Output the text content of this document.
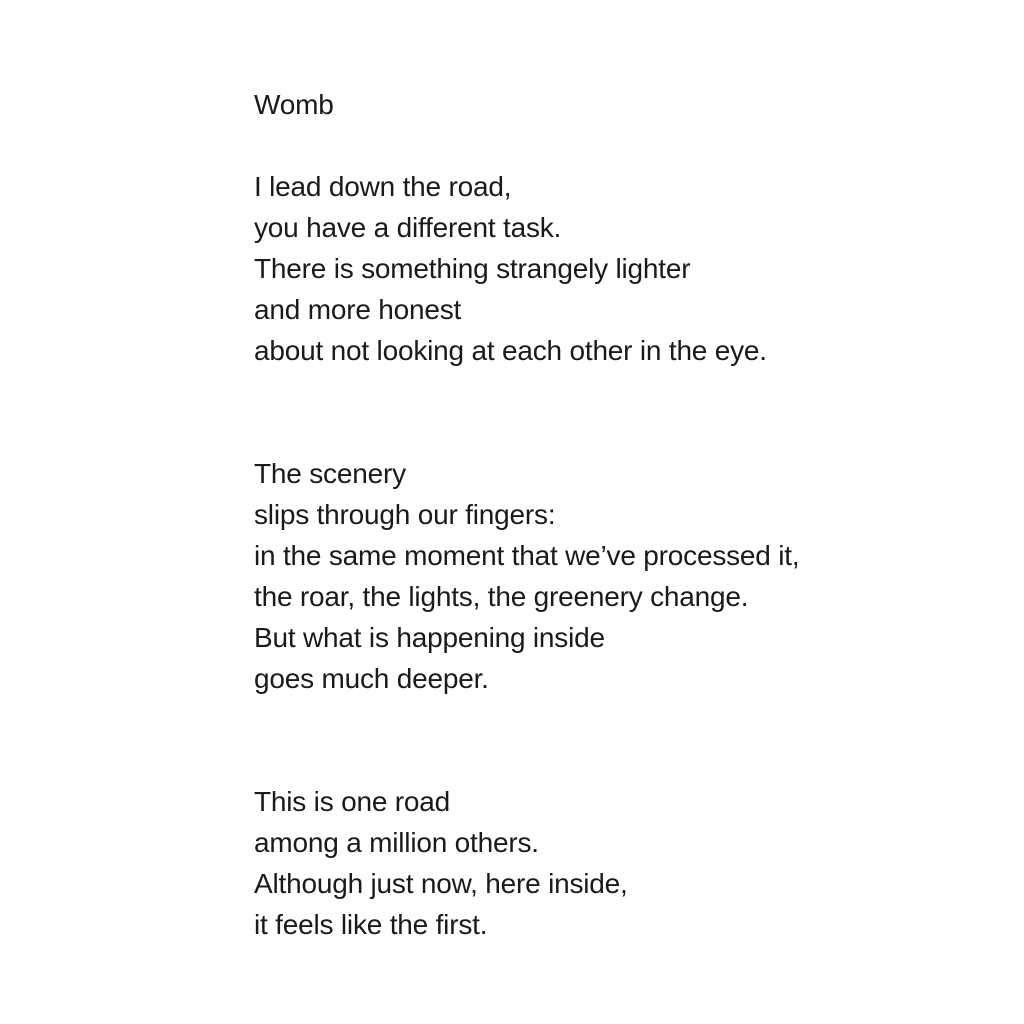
Womb

I lead down the road,
you have a different task.
There is something strangely lighter
and more honest
about not looking at each other in the eye.

The scenery
slips through our fingers:
in the same moment that we’ve processed it,
the roar, the lights, the greenery change.
But what is happening inside
goes much deeper.

This is one road
among a million others.
Although just now, here inside,
it feels like the first.
